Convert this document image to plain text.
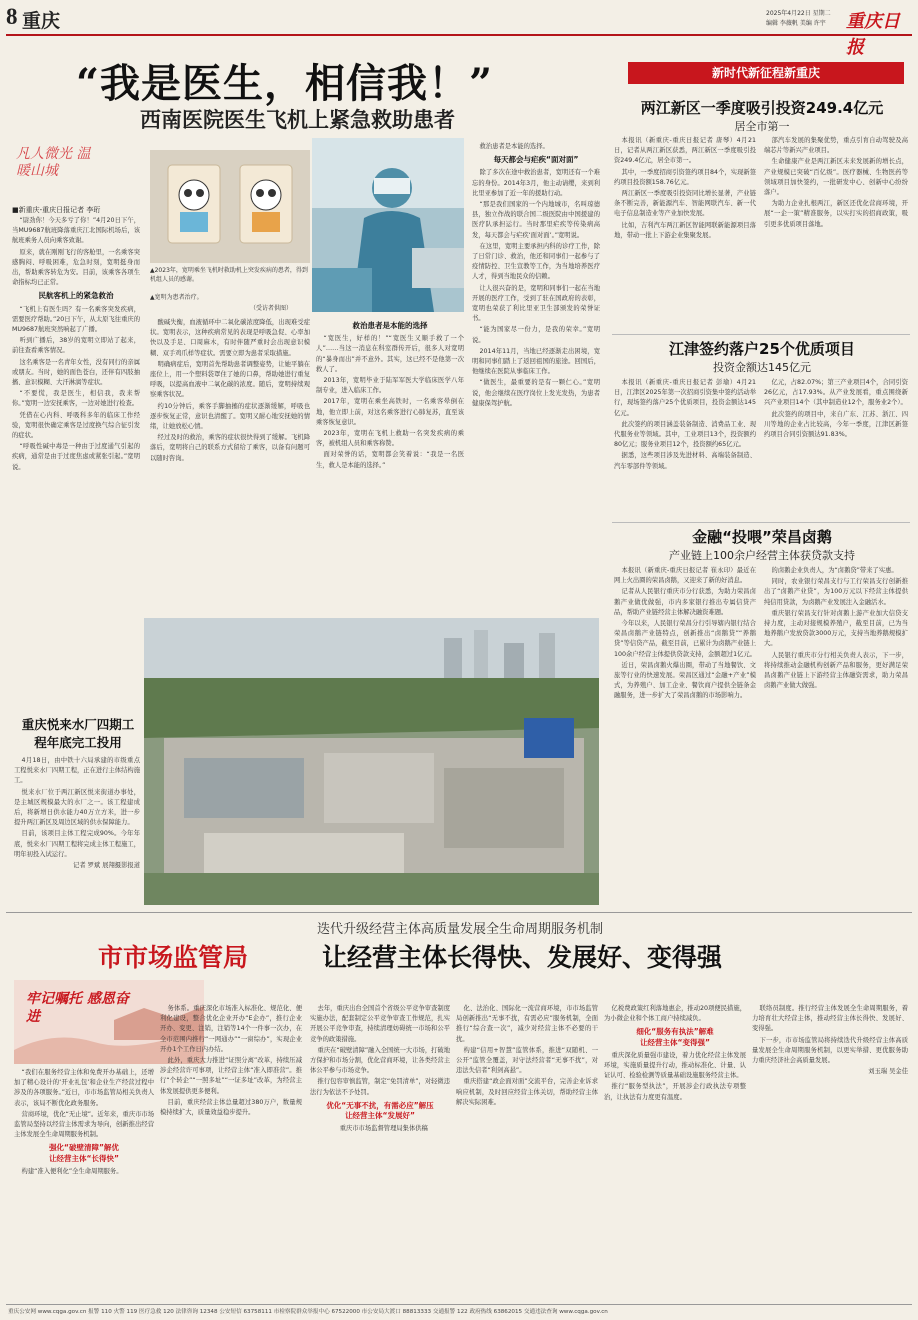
8 重庆	2025年4月22日 星期二
编辑 李薇帆 美编 许宇 重庆日报
“我是医生，相信我！”
西南医院医生飞机上紧急救助患者
凡人微光 温暖山城
■新重庆-重庆日报记者 李珩
▲2023年，宽明乘坐飞机时救助机上突发疾病的患者，得到机组人员的感谢。
▲宽明为患者治疗。
（受访者供图）

“尉劲你！今天多亏了你！”4月20日下午，当MU9687航班降落重庆江北国际机场后，该航班乘务人员向乘客致谢。

原来，就在刚刚飞行的客舱里，一名乘客突感胸闷、呼吸困难，危急时刻，宽明挺身而出，帮助乘客转危为安。目前，该乘客各项生命指标均已正常。

民航客机上的紧急救治

“飞机上有医生吗？有一名乘客突发疾病，需要医疗帮助。”20日下午，从太原飞往重庆的MU9687航班突然响起了广播。

听到广播后，38岁的宽明立即站了起来，前往查看乘客情况。

这名乘客是一名青年女性，没有同行的亲属或朋友。当时，她的面色苍白，还伴有四肢抽搐、意识模糊、大汗淋漓等症状。

“不要慌，我是医生，相信我，我来帮你。”宽明一边安抚乘客，一边对她进行检查。

凭借在心内科、呼吸科多年的临床工作经验，宽明很快确定乘客是过度换气综合征引发的症状。

“呼吸性碱中毒是一种由于过度通气引起的疾病，通常是由于过度焦虑或紧张引起。”宽明说。

酸碱失衡，血液循环中二氧化碳浓度降低，出现难受症状。宽明表示，这种疾病常见的表现是呼吸急促、心率加快以及手足、口周麻木，有时伴随严重时会出现意识模糊、双手鸡爪样等症状。需要立即为患者采取措施。

明确病症后，宽明首先帮助患者调整姿势，让她平躺在座位上，用一个塑料袋罩住了她的口鼻，帮助她进行重复呼吸，以提高血液中二氧化碳的浓度。随后，宽明持续观察乘客状况。

约10分钟后，乘客手脚抽搐的症状逐渐缓解，呼吸也逐步恢复正常，意识也清醒了。宽明又耐心地安抚她的情绪，让她放松心情。

经过及时的救治，乘客的症状很快得到了缓解。飞机降落后，宽明将自己的联系方式留给了乘客，以备有问题可以随时咨询。

救治患者是本能的选择

“宽医生，好样的！”“宽医生又顺手救了一个人”……当这一消息在科室群传开后，很多人对宽明的“暴身而出”并不意外。其实，这已经不是他第一次救人了。

2013年，宽明毕业于陆军军医大学临床医学八年制专业，进入临床工作。

2017年，宽明在乘坐高铁时，一名乘客晕倒在地，他立即上前，对这名乘客进行心肺复苏，直至该乘客恢复意识。

2023年，宽明在飞机上救助一名突发疾病的乘客，被机组人员和乘客称赞。

面对荣誉的话，宽明都会笑着说：“我是一名医生，救人是本能的选择。”

救治患者是本能的选择。

每天都会与疟疾“面对面”

除了多次在途中救治患者，宽明还有一个难忘的身份。2014年3月，他主动请缨，来到利比里亚参加了近一年的援助行动。

“那是我们国家的一个内地城市，名叫琼德县，独立作战的联合国二级医院由中国援建的医疗队承担运行。当时那里疟疾等传染病高发，每天都会与疟疾‘面对面’。”宽明说。

在这里，宽明主要承担内科的诊疗工作，除了日常门诊、救治，他还和同事们一起参与了疫情防控、卫生宣教等工作，为当地培养医疗人才，得到当地民众的信赖。

让人很兴奋的是，宽明和同事们一起在当地开展的医疗工作，受到了驻在国政府的表彰，宽明也荣获了利比里亚卫生部颁发的荣誉证书。

“能为国家尽一份力，是我的荣幸。”宽明说。

2014年11月，当地已经逐渐走出困境，宽明和同事们踏上了返回祖国的旅途。回国后，他继续在医院从事临床工作。

“做医生，最重要的是有一颗仁心。”宽明说，他会继续在医疗岗位上发光发热，为患者健康保驾护航。

重庆悦来水厂四期工程年底完工投用

4月18日，由中铁十六局承建的市级重点工程悦来水厂四期工程，正在进行主体结构施工。

悦来水厂位于两江新区悦来街道办事处，是主城区规模最大的水厂之一。该工程建成后，将新增日供水能力40万立方米，进一步提升两江新区及周边区域的供水保障能力。

目前，该项目主体工程完成90%。今年年底，悦来水厂四期工程将完成主体工程施工，明年初投入试运行。

记者 罗斌 展翔摄影报道

新时代新征程新重庆
两江新区一季度吸引投资249.4亿元
居全市第一

本报讯（新重庆-重庆日报记者 唐琴）4月21日，记者从两江新区获悉，两江新区一季度吸引投资249.4亿元，居全市第一。

其中，一季度招商引资签约项目84个，实现新签约项目投资额158.76亿元。

两江新区一季度吸引投资同比增长显著，产业链条不断完善，新能源汽车、智能网联汽车、新一代电子信息制造业等产业加快发展。

比如，吉利汽车两江新区智能网联新能源项目落地，带动一批上下游企业集聚发展。

部汽车发展的集聚优势，重点引育自动驾驶及高端芯片等新兴产业项目。

生命健康产业是两江新区未来发展新的增长点，产业规模已突破“百亿级”。医疗器械、生物医药等领域项目加快签约，一批研发中心、创新中心纷纷落户。

为助力企业扎根两江，新区还优化营商环境，开展“一企一策”精准服务，以实打实的招商政策，吸引更多优质项目落地。

江津签约落户25个优质项目
投资金额达145亿元

本报讯（新重庆-重庆日报记者 彭瑜）4月21日，江津区2025年第一次招商引资集中签约活动举行，现场签约落户25个优质项目，投资金额达145亿元。

此次签约的项目涵盖装备制造、消费品工业、现代服务业等领域。其中，工业项目13个，投资额约80亿元；服务业项目12个，投资额约65亿元。

据悉，这些项目涉及先进材料、高端装备制造、汽车零部件等领域。

亿元，占82.07%；第三产业项目4个，合同引资26亿元，占17.93%。从产业发展看，重点围绕新兴产业项目14个（其中制造业12个，服务业2个）。

此次签约的项目中，来自广东、江苏、浙江、四川等地的企业占比较高，今年一季度，江津区新签约项目合同引资额达91.83%。

金融“投喂”荣昌卤鹅
产业链上100余户经营主体获贷款支持

本报讯（新重庆-重庆日报记者 崔永印）最近在网上火出圈的荣昌卤鹅，又迎来了新的好消息。

记者从人民银行重庆市分行获悉，为助力荣昌卤鹅产业做优做强，市内多家银行推出专属信贷产品，帮助产业链经营主体解决融资难题。

今年以来，人民银行荣昌分行引导辖内银行结合荣昌卤鹅产业链特点，创新推出“卤鹅贷”“养鹅贷”等信贷产品，截至目前，已累计为卤鹅产业链上100余户经营主体提供贷款支持，金额超过1亿元。

近日，荣昌卤鹅火爆出圈，带动了当地餐饮、文旅等行业的快速发展。荣昌区通过“金融+产业”模式，为养殖户、加工企业、餐饮商户提供全链条金融服务，进一步扩大了荣昌卤鹅的市场影响力。

的卤鹅企业负责人，为“卤鹅贷”带来了实惠。

同时，农业银行荣昌支行与工行荣昌支行创新推出了“卤鹅产业贷”，为100万元以下经营主体提供纯信用贷款，为卤鹅产业发展注入金融活水。

重庆银行荣昌支行针对卤鹅上游产业加大信贷支持力度，主动对接规模养殖户，截至目前，已为当地养鹅户发放贷款3000万元，支持当地养鹅规模扩大。

人民银行重庆市分行相关负责人表示，下一步，将持续推动金融机构创新产品和服务，更好满足荣昌卤鹅产业链上下游经营主体融资需求，助力荣昌卤鹅产业做大做强。

迭代升级经营主体高质量发展全生命周期服务机制
市市场监管局	让经营主体长得快、发展好、变得强
牢记嘱托 感恩奋进

“我们在服务经营主体和免费开办基础上，还增加了精心设计的‘开业礼包’和企业生产经营过程中涉及的各项服务。”近日，市市场监管局相关负责人表示，该局不断优化政务服务。

营商环境，优化“无止境”。近年来，重庆市市场监管局坚持以经营主体需求为导向，创新推出经营主体发展全生命周期服务机制。

强化“破壁清障”解优
让经营主体“长得快”

构建“准入便利化”全生命周期服务。

务体系。重庆深化市场准入标准化、规范化、便利化建设，整合优化企业开办“E企办”，推行企业开办、变更、注销，注销等14个一件事一次办，在全市范围内推行“一网通办”“一窗综办”，实现企业开办1个工作日内办结。

此外，重庆大力推进“证照分离”改革，持续压减涉企经营许可事项，让经营主体“准入即准营”。推行“个转企”“一照多址”“一证多址”改革，为经营主体发展提供更多便利。

目前，重庆经营主体总量超过380万户，数量规模持续扩大，质量效益稳步提升。

去年，重庆出台全国首个省级公平竞争审查制度实施办法，配套制定公平竞争审查工作规范，扎实开展公平竞争审查，持续清理妨碍统一市场和公平竞争的政策措施。

重庆在“破壁清障”融入全国统一大市场，打破地方保护和市场分割，优化营商环境，让各类经营主体公平参与市场竞争。

推行包容审慎监管，制定“免罚清单”，对轻微违法行为依法不予处罚。

优化“无事不扰，有需必应”解压
让经营主体“发展好”

重庆市市场监督管理局集体供稿

化、法治化、国际化一流营商环境，市市场监管局创新推出“无事不扰，有需必应”服务机制，全面推行“综合查一次”，减少对经营主体不必要的干扰。

构建“信用+智慧”监管体系，推进“双随机、一公开”监管全覆盖，对守法经营者“无事不扰”，对违法失信者“利剑高悬”。

重庆搭建“政企面对面”交流平台，完善企业诉求响应机制，及时回应经营主体关切，帮助经营主体解决实际困难。

亿税费政策红利落地惠企，推动20项便民措施，为小微企业和个体工商户持续减负。

细化“服务有执法”解难
让经营主体“变得强”

重庆深化质量强市建设，着力优化经营主体发展环境，实施质量提升行动，推动标准化、计量、认证认可、检验检测等质量基础设施服务经营主体。

推行“服务型执法”，开展涉企行政执法专项整治，让执法有力度更有温度。

联络员制度。推行经营主体发展全生命周期服务，着力培育壮大经营主体，推动经营主体长得快、发展好、变得强。

下一步，市市场监管局将持续迭代升级经营主体高质量发展全生命周期服务机制，以更实举措、更优服务助力重庆经济社会高质量发展。

刘玉瑞 吴金佳

重庆公安网 www.cqga.gov.cn 报警 110 火警 119 医疗急救 120 法律咨询 12348 公安短信 63758111 市检察院群众举报中心 67522000 市公安局大渡口 88813333 交通报警 122 政府热线 63862015 交通违法查询 www.cqga.gov.cn
